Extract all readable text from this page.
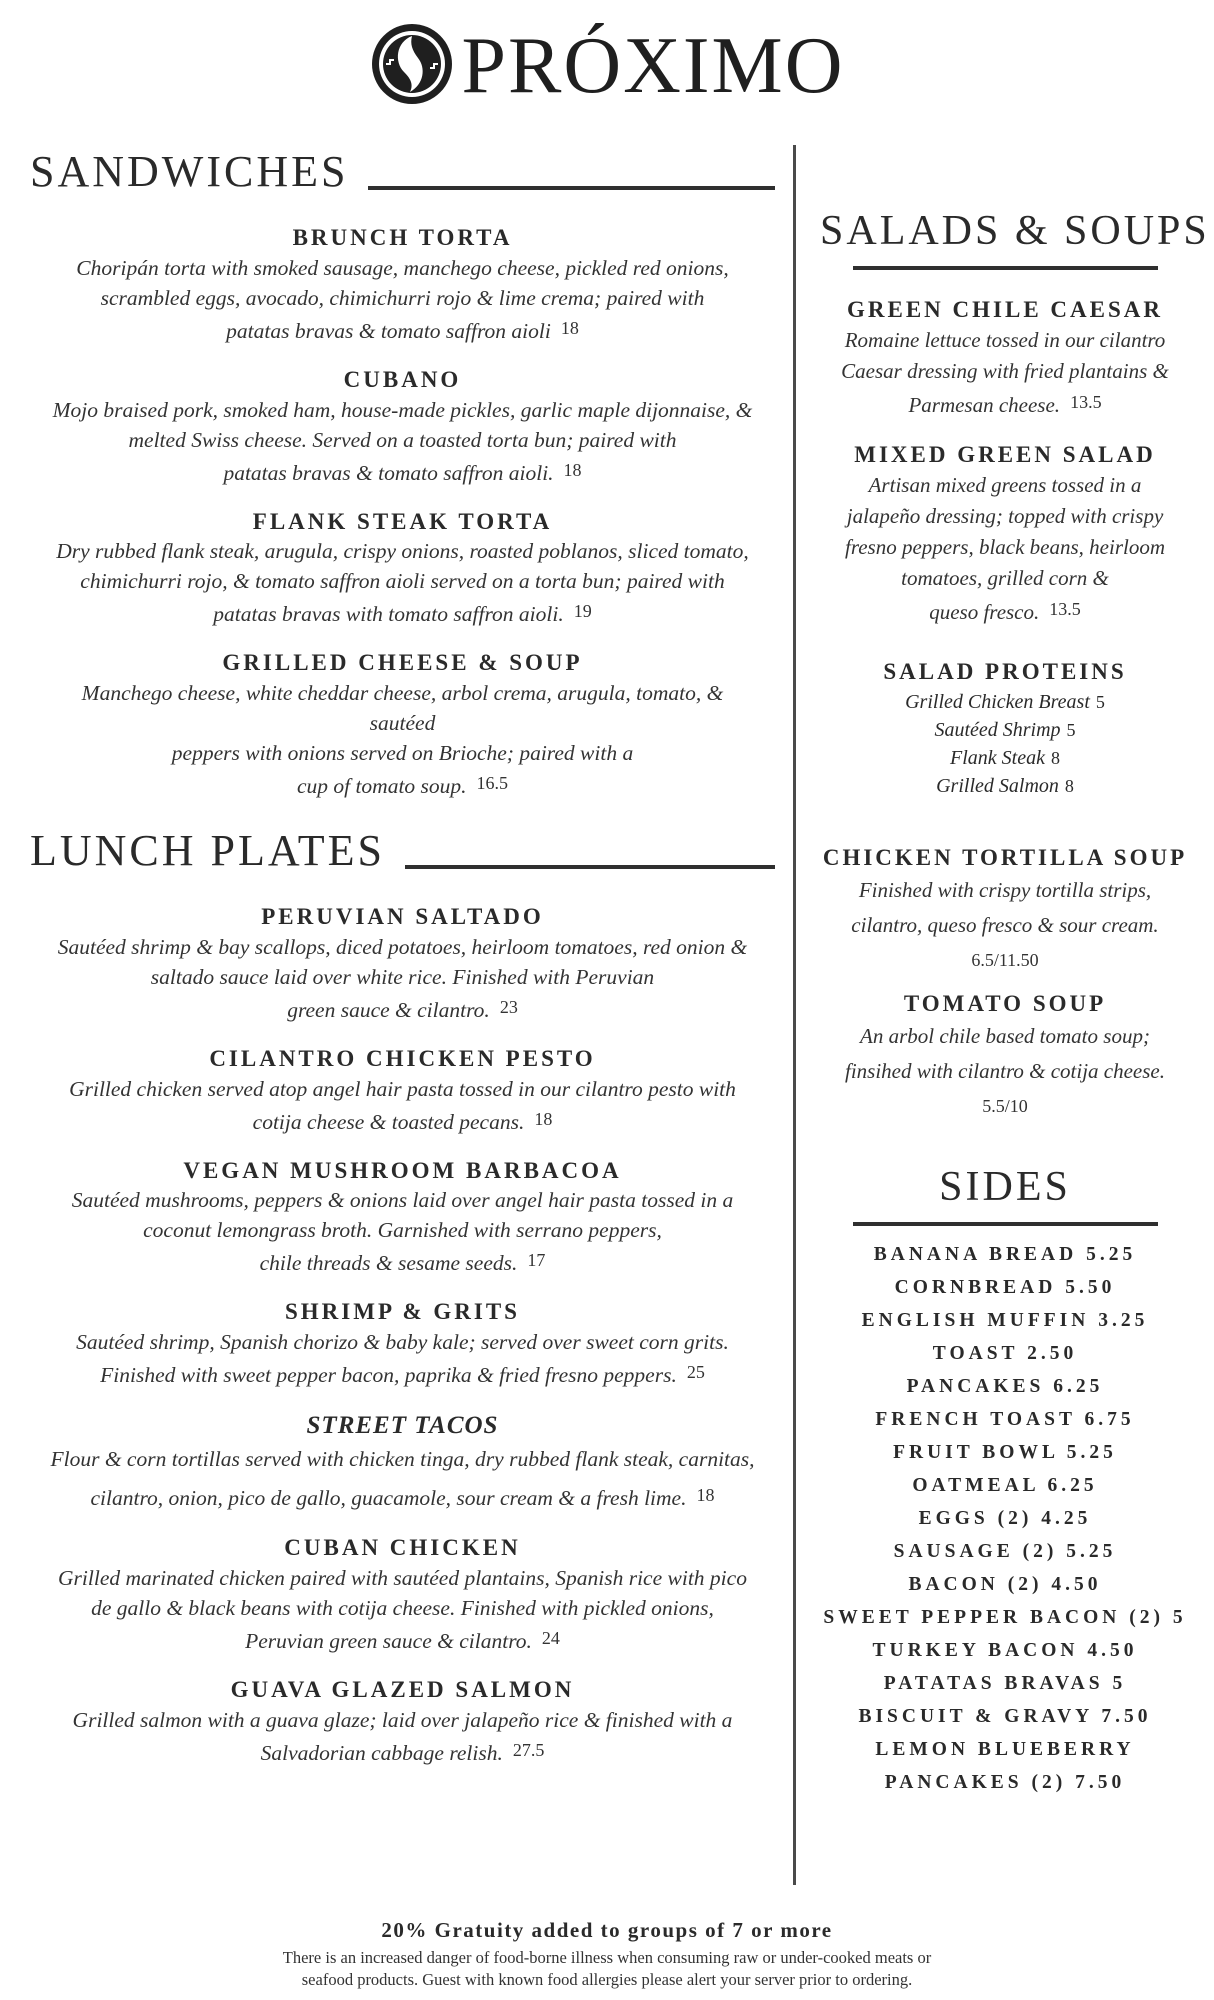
PRÓXIMO
SANDWICHES
BRUNCH TORTA
Choripán torta with smoked sausage, manchego cheese, pickled red onions,
scrambled eggs, avocado, chimichurri rojo & lime crema; paired with
patatas bravas & tomato saffron aioli 18
CUBANO
Mojo braised pork, smoked ham, house-made pickles, garlic maple dijonnaise, &
melted Swiss cheese. Served on a toasted torta bun; paired with
patatas bravas & tomato saffron aioli. 18
FLANK STEAK TORTA
Dry rubbed flank steak, arugula, crispy onions, roasted poblanos, sliced tomato,
chimichurri rojo, & tomato saffron aioli served on a torta bun; paired with
patatas bravas with tomato saffron aioli. 19
GRILLED CHEESE & SOUP
Manchego cheese, white cheddar cheese, arbol crema, arugula, tomato, & sautéed
peppers with onions served on Brioche; paired with a
cup of tomato soup. 16.5
LUNCH PLATES
PERUVIAN SALTADO
Sautéed shrimp & bay scallops, diced potatoes, heirloom tomatoes, red onion &
saltado sauce laid over white rice. Finished with Peruvian
green sauce & cilantro. 23
CILANTRO CHICKEN PESTO
Grilled chicken served atop angel hair pasta tossed in our cilantro pesto with
cotija cheese & toasted pecans. 18
VEGAN MUSHROOM BARBACOA
Sautéed mushrooms, peppers & onions laid over angel hair pasta tossed in a
coconut lemongrass broth. Garnished with serrano peppers,
chile threads & sesame seeds. 17
SHRIMP & GRITS
Sautéed shrimp, Spanish chorizo & baby kale; served over sweet corn grits.
Finished with sweet pepper bacon, paprika & fried fresno peppers. 25
STREET TACOS
Flour & corn tortillas served with chicken tinga, dry rubbed flank steak, carnitas,
cilantro, onion, pico de gallo, guacamole, sour cream & a fresh lime. 18
CUBAN CHICKEN
Grilled marinated chicken paired with sautéed plantains, Spanish rice with pico
de gallo & black beans with cotija cheese. Finished with pickled onions,
Peruvian green sauce & cilantro. 24
GUAVA GLAZED SALMON
Grilled salmon with a guava glaze; laid over jalapeño rice & finished with a
Salvadorian cabbage relish. 27.5
SALADS & SOUPS
GREEN CHILE CAESAR
Romaine lettuce tossed in our cilantro
Caesar dressing with fried plantains &
Parmesan cheese. 13.5
MIXED GREEN SALAD
Artisan mixed greens tossed in a
jalapeño dressing; topped with crispy
fresno peppers, black beans, heirloom
tomatoes, grilled corn &
queso fresco. 13.5
SALAD PROTEINS
Grilled Chicken Breast 5
Sautéed Shrimp 5
Flank Steak 8
Grilled Salmon 8
CHICKEN TORTILLA SOUP
Finished with crispy tortilla strips,
cilantro, queso fresco & sour cream.
6.5/11.50
TOMATO SOUP
An arbol chile based tomato soup;
finsihed with cilantro & cotija cheese.
5.5/10
SIDES
BANANA BREAD 5.25
CORNBREAD 5.50
ENGLISH MUFFIN 3.25
TOAST 2.50
PANCAKES 6.25
FRENCH TOAST 6.75
FRUIT BOWL 5.25
OATMEAL 6.25
EGGS (2) 4.25
SAUSAGE (2) 5.25
BACON (2) 4.50
SWEET PEPPER BACON (2) 5
TURKEY BACON 4.50
PATATAS BRAVAS 5
BISCUIT & GRAVY 7.50
LEMON BLUEBERRY
PANCAKES (2) 7.50
20% Gratuity added to groups of 7 or more
There is an increased danger of food-borne illness when consuming raw or under-cooked meats or
seafood products. Guest with known food allergies please alert your server prior to ordering.
